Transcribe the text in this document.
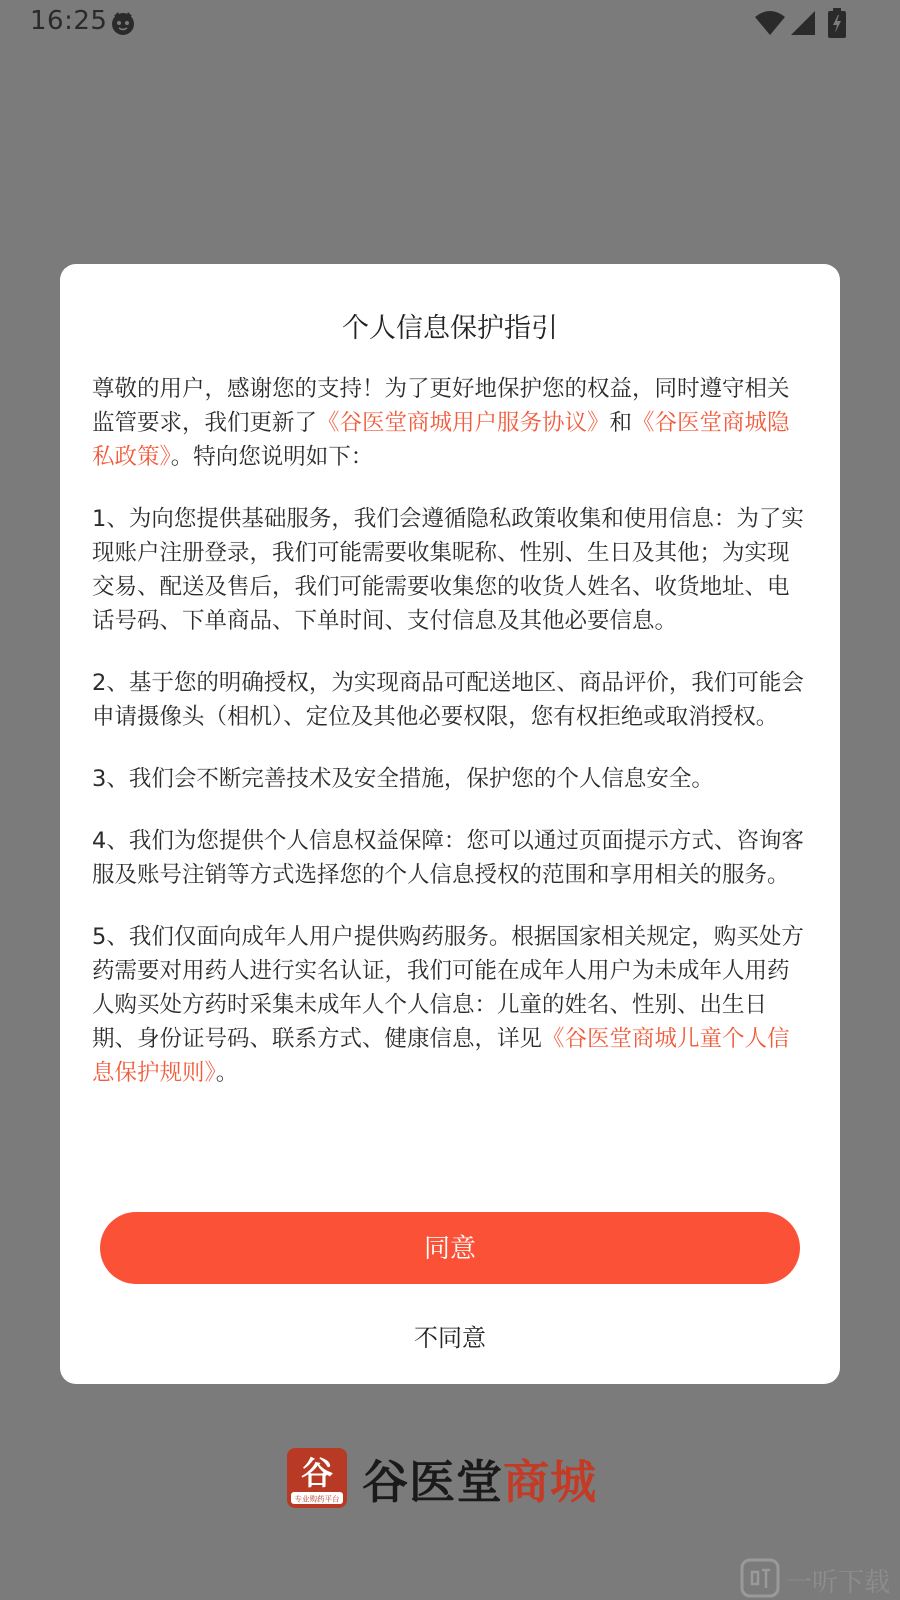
16:25
个人信息保护指引

尊敬的用户，感谢您的支持！为了更好地保护您的权益，同时遵守相关监管要求，我们更新了《谷医堂商城用户服务协议》和《谷医堂商城隐私政策》。特向您说明如下：

1、为向您提供基础服务，我们会遵循隐私政策收集和使用信息：为了实现账户注册登录，我们可能需要收集昵称、性别、生日及其他；为实现交易、配送及售后，我们可能需要收集您的收货人姓名、收货地址、电话号码、下单商品、下单时间、支付信息及其他必要信息。

2、基于您的明确授权，为实现商品可配送地区、商品评价，我们可能会申请摄像头（相机）、定位及其他必要权限，您有权拒绝或取消授权。

3、我们会不断完善技术及安全措施，保护您的个人信息安全。

4、我们为您提供个人信息权益保障：您可以通过页面提示方式、咨询客服及账号注销等方式选择您的个人信息授权的范围和享用相关的服务。

5、我们仅面向成年人用户提供购药服务。根据国家相关规定，购买处方药需要对用药人进行实名认证，我们可能在成年人用户为未成年人用药人购买处方药时采集未成年人个人信息：儿童的姓名、性别、出生日期、身份证号码、联系方式、健康信息，详见《谷医堂商城儿童个人信息保护规则》。

同意
不同意
谷
专业购药平台 谷医堂商城
一听下载
